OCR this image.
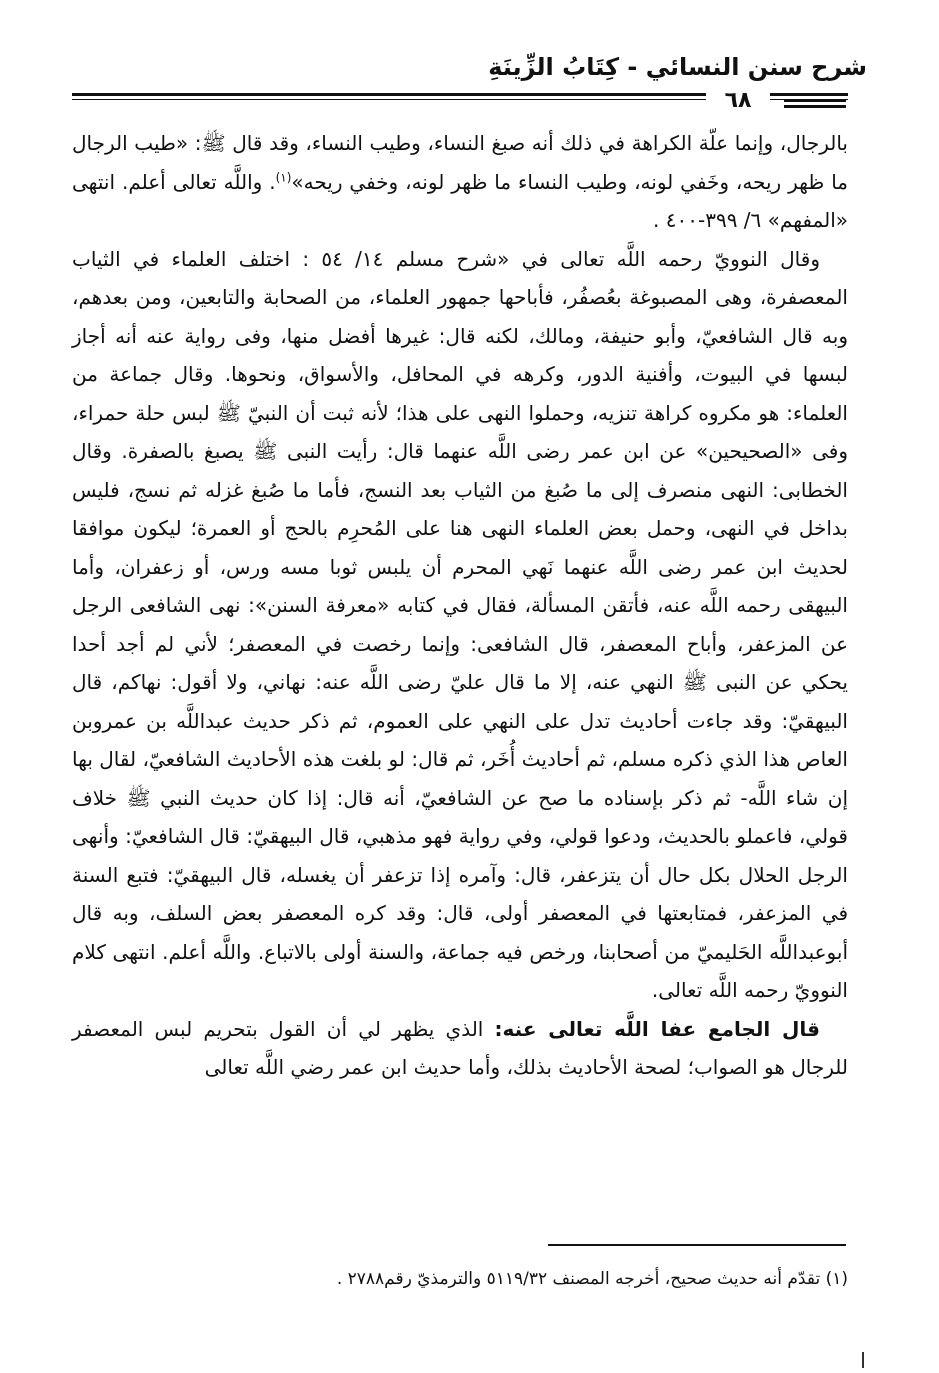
شرح سنن النسائي - كِتَابُ الزِّينَةِ
٦٨

بالرجال، وإنما علّة الكراهة في ذلك أنه صبغ النساء، وطيب النساء، وقد قال ﷺ: «طيب الرجال ما ظهر ريحه، وخَفي لونه، وطيب النساء ما ظهر لونه، وخفي ريحه»$^{(١)}$. واللَّه تعالى أعلم. انتهى «المفهم» ٦/ ٣٩٩-٤٠٠ .

وقال النوويّ رحمه اللَّه تعالى في «شرح مسلم ١٤/ ٥٤ : اختلف العلماء في الثياب المعصفرة، وهى المصبوغة بعُصفُر، فأباحها جمهور العلماء، من الصحابة والتابعين، ومن بعدهم، وبه قال الشافعيّ، وأبو حنيفة، ومالك، لكنه قال: غيرها أفضل منها، وفى رواية عنه أنه أجاز لبسها في البيوت، وأفنية الدور، وكرهه في المحافل، والأسواق، ونحوها. وقال جماعة من العلماء: هو مكروه كراهة تنزيه، وحملوا النهى على هذا؛ لأنه ثبت أن النبيّ ﷺ لبس حلة حمراء، وفى «الصحيحين» عن ابن عمر رضى اللَّه عنهما قال: رأيت النبى ﷺ يصبغ بالصفرة. وقال الخطابى: النهى منصرف إلى ما صُبغ من الثياب بعد النسج، فأما ما صُبغ غزله ثم نسج، فليس بداخل في النهى، وحمل بعض العلماء النهى هنا على المُحرِم بالحج أو العمرة؛ ليكون موافقا لحديث ابن عمر رضى اللَّه عنهما نَهي المحرم أن يلبس ثوبا مسه ورس، أو زعفران، وأما البيهقى رحمه اللَّه عنه، فأتقن المسألة، فقال في كتابه «معرفة السنن»: نهى الشافعى الرجل عن المزعفر، وأباح المعصفر، قال الشافعى: وإنما رخصت في المعصفر؛ لأني لم أجد أحدا يحكي عن النبى ﷺ النهي عنه، إلا ما قال عليّ رضى اللَّه عنه: نهاني، ولا أقول: نهاكم، قال البيهقيّ: وقد جاءت أحاديث تدل على النهي على العموم، ثم ذكر حديث عبداللَّه بن عمروبن العاص هذا الذي ذكره مسلم، ثم أحاديث أُخَر، ثم قال: لو بلغت هذه الأحاديث الشافعيّ، لقال بها إن شاء اللَّه- ثم ذكر بإسناده ما صح عن الشافعيّ، أنه قال: إذا كان حديث النبي ﷺ خلاف قولي، فاعملو بالحديث، ودعوا قولي، وفي رواية فهو مذهبي، قال البيهقيّ: قال الشافعيّ: وأنهى الرجل الحلال بكل حال أن يتزعفر، قال: وآمره إذا تزعفر أن يغسله، قال البيهقيّ: فتبع السنة في المزعفر، فمتابعتها في المعصفر أولى، قال: وقد كره المعصفر بعض السلف، وبه قال أبوعبداللَّه الحَليميّ من أصحابنا، ورخص فيه جماعة، والسنة أولى بالاتباع. واللَّه أعلم. انتهى كلام النوويّ رحمه اللَّه تعالى.

قال الجامع عفا اللَّه تعالى عنه: الذي يظهر لي أن القول بتحريم لبس المعصفر للرجال هو الصواب؛ لصحة الأحاديث بذلك، وأما حديث ابن عمر رضي اللَّه تعالى

(١) تقدّم أنه حديث صحيح، أخرجه المصنف ٥١١٩/٣٢ والترمذيّ رقم٢٧٨٨ .
